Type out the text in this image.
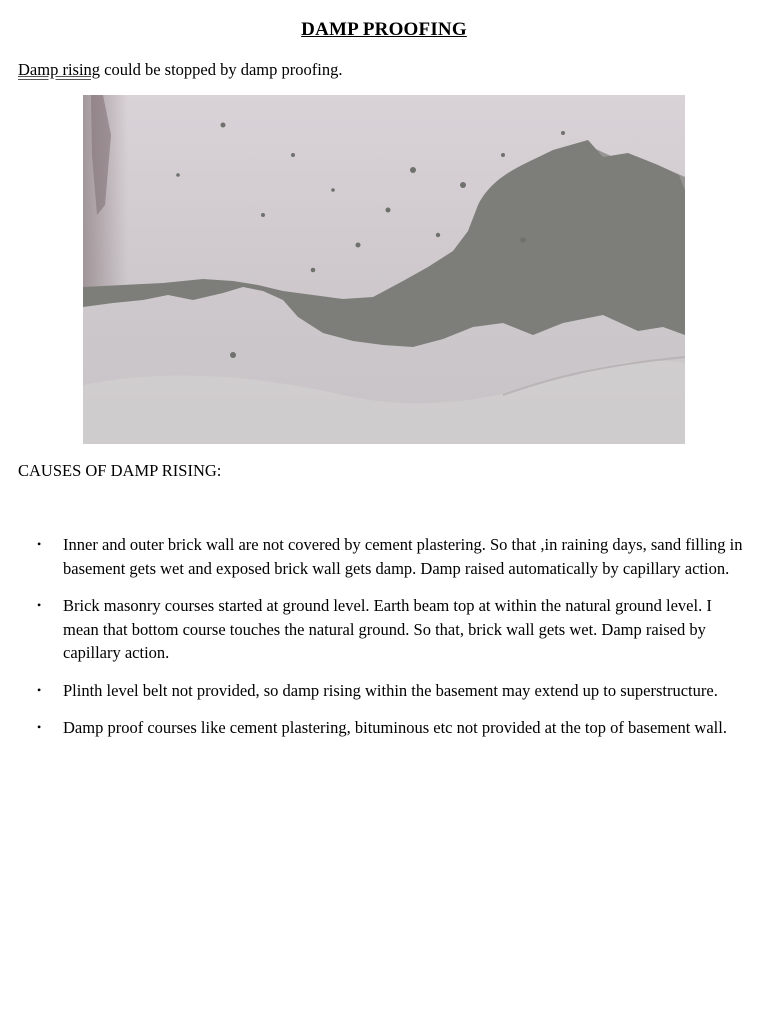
DAMP PROOFING

Damp rising could be stopped by damp proofing.

CAUSES OF DAMP RISING:

• Inner and outer brick wall are not covered by cement plastering. So that ,in raining days, sand filling in basement gets wet and exposed brick wall gets damp. Damp raised automatically by capillary action.
• Brick masonry courses started at ground level. Earth beam top at within the natural ground level. I mean that bottom course touches the natural ground. So that, brick wall gets wet. Damp raised by capillary action.
• Plinth level belt not provided, so damp rising within the basement may extend up to superstructure.
• Damp proof courses like cement plastering, bituminous etc not provided at the top of basement wall.
